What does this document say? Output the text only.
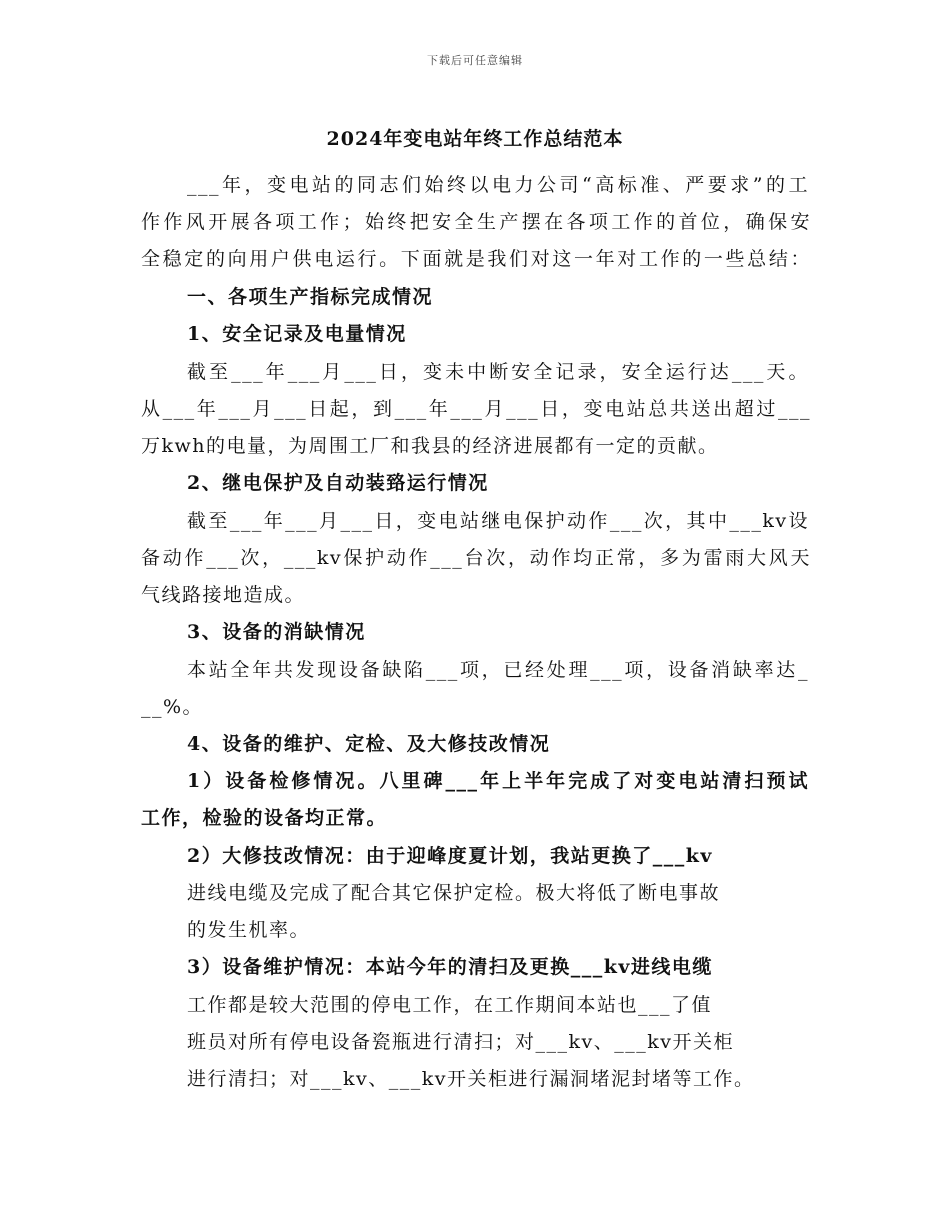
下载后可任意编辑
2024年变电站年终工作总结范本
___年，变电站的同志们始终以电力公司“高标准、严要求”的工
作作风开展各项工作；始终把安全生产摆在各项工作的首位，确保安
全稳定的向用户供电运行。下面就是我们对这一年对工作的一些总结：
一、各项生产指标完成情况
1、安全记录及电量情况
截至___年___月___日，变未中断安全记录，安全运行达___天。
从___年___月___日起，到___年___月___日，变电站总共送出超过___
万kwh的电量，为周围工厂和我县的经济进展都有一定的贡献。
2、继电保护及自动装臵运行情况
截至___年___月___日，变电站继电保护动作___次，其中___kv设
备动作___次，___kv保护动作___台次，动作均正常，多为雷雨大风天
气线路接地造成。
3、设备的消缺情况
本站全年共发现设备缺陷___项，已经处理___项，设备消缺率达_
__%。
4、设备的维护、定检、及大修技改情况
1）设备检修情况。八里碑___年上半年完成了对变电站清扫预试
工作，检验的设备均正常。
2）大修技改情况：由于迎峰度夏计划，我站更换了___kv
进线电缆及完成了配合其它保护定检。极大将低了断电事故
的发生机率。
3）设备维护情况：本站今年的清扫及更换___kv进线电缆
工作都是较大范围的停电工作，在工作期间本站也___了值
班员对所有停电设备瓷瓶进行清扫；对___kv、___kv开关柜
进行清扫；对___kv、___kv开关柜进行漏洞堵泥封堵等工作。
